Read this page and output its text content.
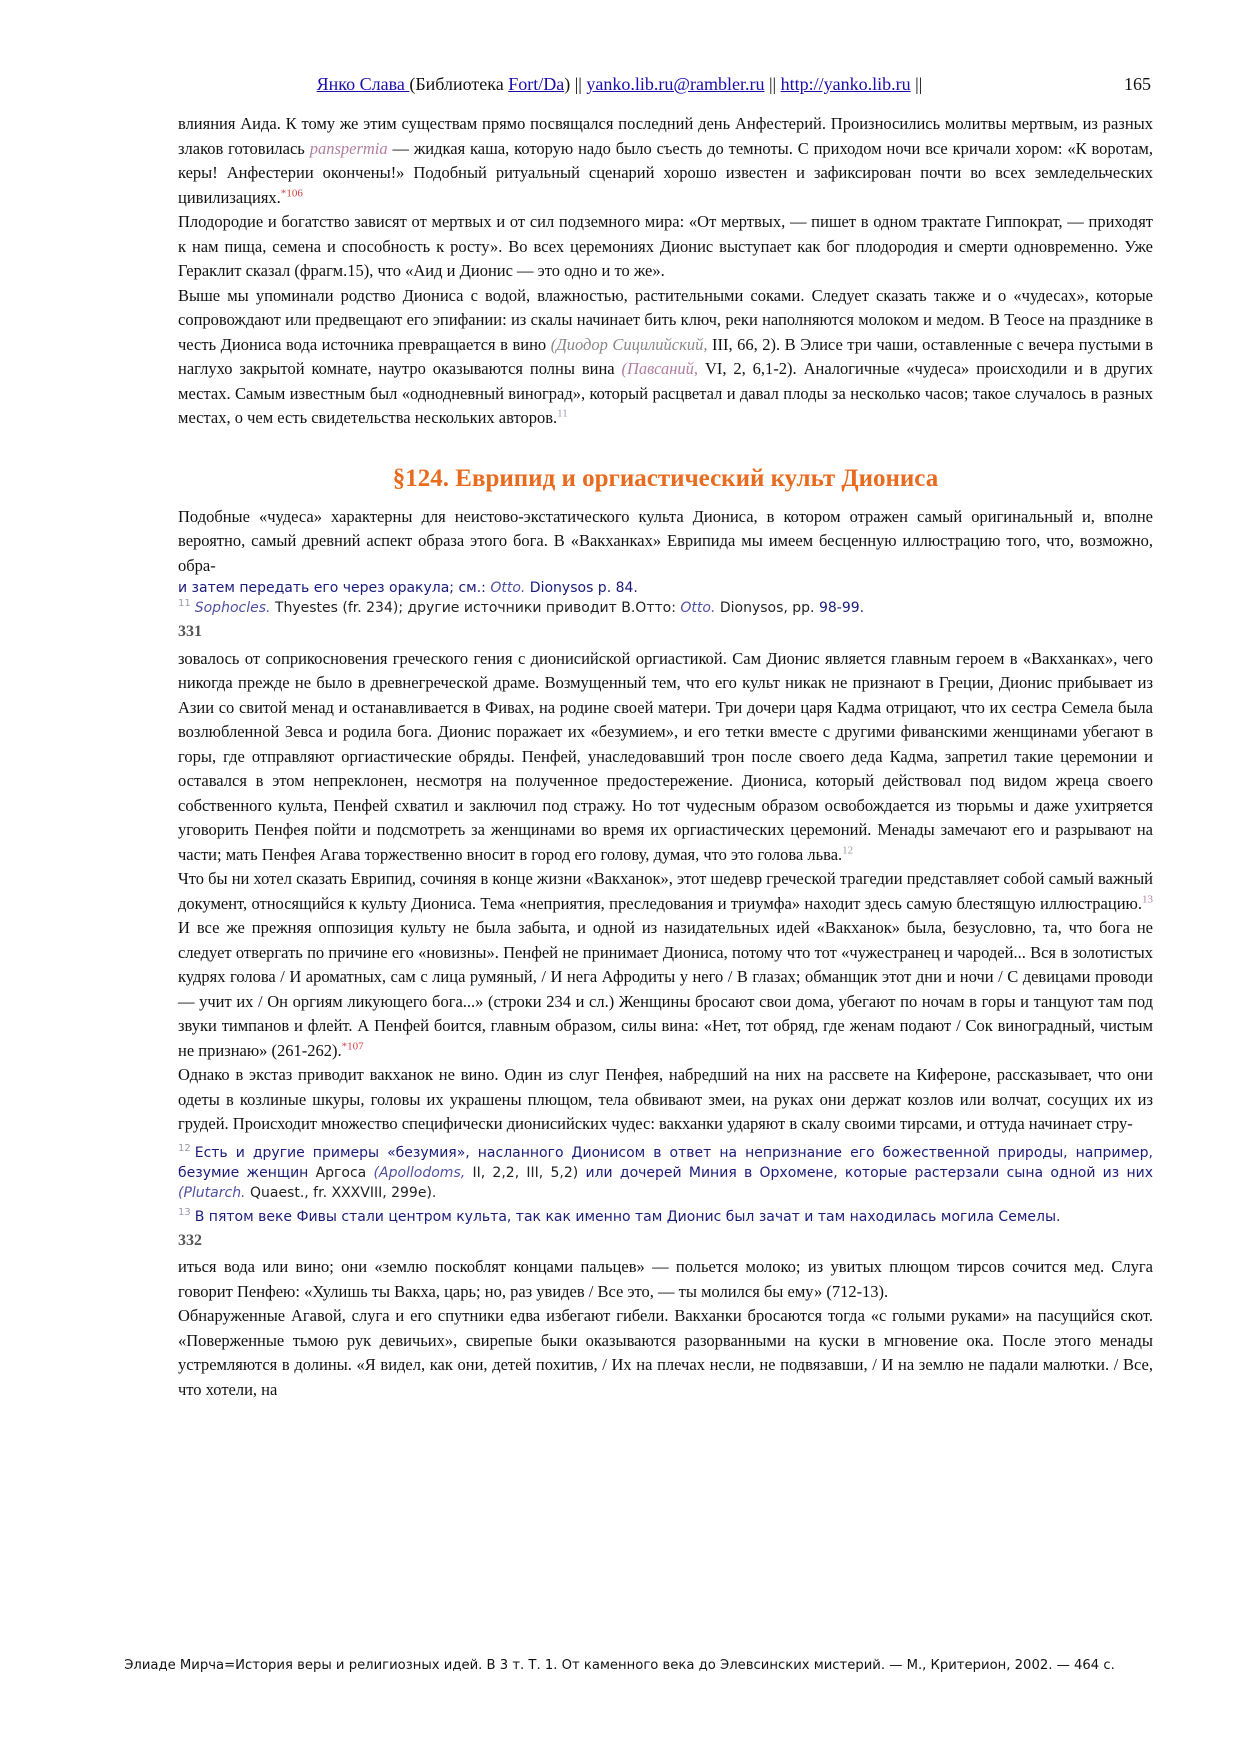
Янко Слава (Библиотека Fort/Da) || yanko.lib.ru@rambler.ru || http://yanko.lib.ru ||	165

влияния Аида. К тому же этим существам прямо посвящался последний день Анфестерий. Произносились молитвы мертвым, из разных злаков готовилась panspermia — жидкая каша, которую надо было съесть до темноты. С приходом ночи все кричали хором: «К воротам, керы! Анфестерии окончены!» Подобный ритуальный сценарий хорошо известен и зафиксирован почти во всех земледельческих цивилизациях.$^{*106}$

Плодородие и богатство зависят от мертвых и от сил подземного мира: «От мертвых, — пишет в одном трактате Гиппократ, — приходят к нам пища, семена и способность к росту». Во всех церемониях Дионис выступает как бог плодородия и смерти одновременно. Уже Гераклит сказал (фрагм.15), что «Аид и Дионис — это одно и то же».

Выше мы упоминали родство Диониса с водой, влажностью, растительными соками. Следует сказать также и о «чудесах», которые сопровождают или предвещают его эпифании: из скалы начинает бить ключ, реки наполняются молоком и медом. В Теосе на празднике в честь Диониса вода источника превращается в вино (Диодор Сицилийский, III, 66, 2). В Элисе три чаши, оставленные с вечера пустыми в наглухо закрытой комнате, наутро оказываются полны вина (Павсаний, VI, 2, 6,1-2). Аналогичные «чудеса» происходили и в других местах. Самым известным был «однодневный виноград», который расцветал и давал плоды за несколько часов; такое случалось в разных местах, о чем есть свидетельства нескольких авторов.$^{11}$

§124. Еврипид и оргиастический культ Диониса

Подобные «чудеса» характерны для неистово-экстатического культа Диониса, в котором отражен самый оригинальный и, вполне вероятно, самый древний аспект образа этого бога. В «Вакханках» Еврипида мы имеем бесценную иллюстрацию того, что, возможно, обра-

и затем передать его через оракула; см.: Otto. Dionysos p. 84.
$^{11}$ Sophocles. Thyestes (fr. 234); другие источники приводит В.Отто: Otto. Dionysos, pp. 98-99.
331

зовалось от соприкосновения греческого гения с дионисийской оргиастикой. Сам Дионис является главным героем в «Вакханках», чего никогда прежде не было в древнегреческой драме. Возмущенный тем, что его культ никак не признают в Греции, Дионис прибывает из Азии со свитой менад и останавливается в Фивах, на родине своей матери. Три дочери царя Кадма отрицают, что их сестра Семела была возлюбленной Зевса и родила бога. Дионис поражает их «безумием», и его тетки вместе с другими фиванскими женщинами убегают в горы, где отправляют оргиастические обряды. Пенфей, унаследовавший трон после своего деда Кадма, запретил такие церемонии и оставался в этом непреклонен, несмотря на полученное предостережение. Диониса, который действовал под видом жреца своего собственного культа, Пенфей схватил и заключил под стражу. Но тот чудесным образом освобождается из тюрьмы и даже ухитряется уговорить Пенфея пойти и подсмотреть за женщинами во время их оргиастических церемоний. Менады замечают его и разрывают на части; мать Пенфея Агава торжественно вносит в город его голову, думая, что это голова льва.$^{12}$

Что бы ни хотел сказать Еврипид, сочиняя в конце жизни «Вакханок», этот шедевр греческой трагедии представляет собой самый важный документ, относящийся к культу Диониса. Тема «неприятия, преследования и триумфа» находит здесь самую блестящую иллюстрацию.$^{13}$ И все же прежняя оппозиция культу не была забыта, и одной из назидательных идей «Вакханок» была, безусловно, та, что бога не следует отвергать по причине его «новизны». Пенфей не принимает Диониса, потому что тот «чужестранец и чародей... Вся в золотистых кудрях голова / И ароматных, сам с лица румяный, / И нега Афродиты у него / В глазах; обманщик этот дни и ночи / С девицами проводи— учит их / Он оргиям ликующего бога...» (строки 234 и сл.) Женщины бросают свои дома, убегают по ночам в горы и танцуют там под звуки тимпанов и флейт. А Пенфей боится, главным образом, силы вина: «Нет, тот обряд, где женам подают / Сок виноградный, чистым не признаю» (261-262).$^{*107}$

Однако в экстаз приводит вакханок не вино. Один из слуг Пенфея, набредший на них на рассвете на Кифероне, рассказывает, что они одеты в козлиные шкуры, головы их украшены плющом, тела обвивают змеи, на руках они держат козлов или волчат, сосущих их из грудей. Происходит множество специфически дионисийских чудес: вакханки ударяют в скалу своими тирсами, и оттуда начинает стру-

$^{12}$ Есть и другие примеры «безумия», насланного Дионисом в ответ на непризнание его божественной природы, например, безумие женщин Аргоса (Apollodoms, II, 2,2, III, 5,2) или дочерей Миния в Орхомене, которые растерзали сына одной из них (Plutarch. Quaest., fr. XXXVIII, 299e).
$^{13}$ В пятом веке Фивы стали центром культа, так как именно там Дионис был зачат и там находилась могила Семелы.
332

иться вода или вино; они «землю поскоблят концами пальцев» — польется молоко; из увитых плющом тирсов сочится мед. Слуга говорит Пенфею: «Хулишь ты Вакха, царь; но, раз увидев / Все это, — ты молился бы ему» (712-13).

Обнаруженные Агавой, слуга и его спутники едва избегают гибели. Вакханки бросаются тогда «с голыми руками» на пасущийся скот. «Поверженные тьмою рук девичьих», свирепые быки оказываются разорванными на куски в мгновение ока. После этого менады устремляются в долины. «Я видел, как они, детей похитив, / Их на плечах несли, не подвязавши, / И на землю не падали малютки. / Все, что хотели, на

Элиаде Мирча=История веры и религиозных идей. В 3 т. Т. 1. От каменного века до Элевсинских мистерий. — М., Критерион, 2002. — 464 с.
